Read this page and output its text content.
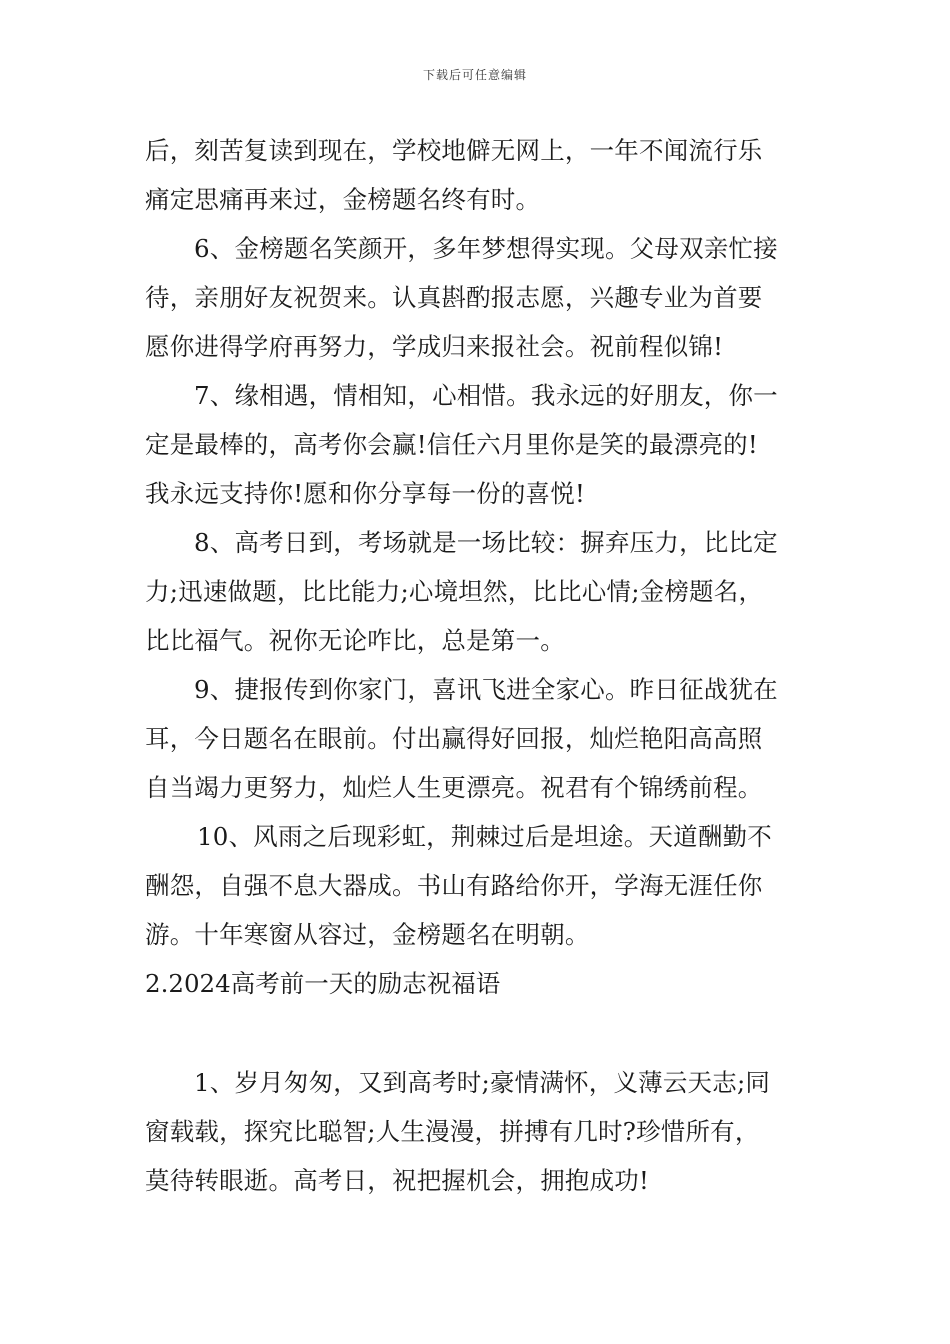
下载后可任意编辑
后，刻苦复读到现在，学校地僻无网上，一年不闻流行乐
痛定思痛再来过，金榜题名终有时。
6、金榜题名笑颜开，多年梦想得实现。父母双亲忙接
待，亲朋好友祝贺来。认真斟酌报志愿，兴趣专业为首要
愿你进得学府再努力，学成归来报社会。祝前程似锦!
7、缘相遇，情相知，心相惜。我永远的好朋友，你一
定是最棒的，高考你会赢!信任六月里你是笑的最漂亮的!
我永远支持你!愿和你分享每一份的喜悦!
8、高考日到，考场就是一场比较：摒弃压力，比比定
力;迅速做题，比比能力;心境坦然，比比心情;金榜题名，
比比福气。祝你无论咋比，总是第一。
9、捷报传到你家门，喜讯飞进全家心。昨日征战犹在
耳，今日题名在眼前。付出赢得好回报，灿烂艳阳高高照
自当竭力更努力，灿烂人生更漂亮。祝君有个锦绣前程。
10、风雨之后现彩虹，荆棘过后是坦途。天道酬勤不
酬怨，自强不息大器成。书山有路给你开，学海无涯任你
游。十年寒窗从容过，金榜题名在明朝。
2.2024高考前一天的励志祝福语
1、岁月匆匆，又到高考时;豪情满怀，义薄云天志;同
窗载载，探究比聪智;人生漫漫，拼搏有几时?珍惜所有，
莫待转眼逝。高考日，祝把握机会，拥抱成功!
